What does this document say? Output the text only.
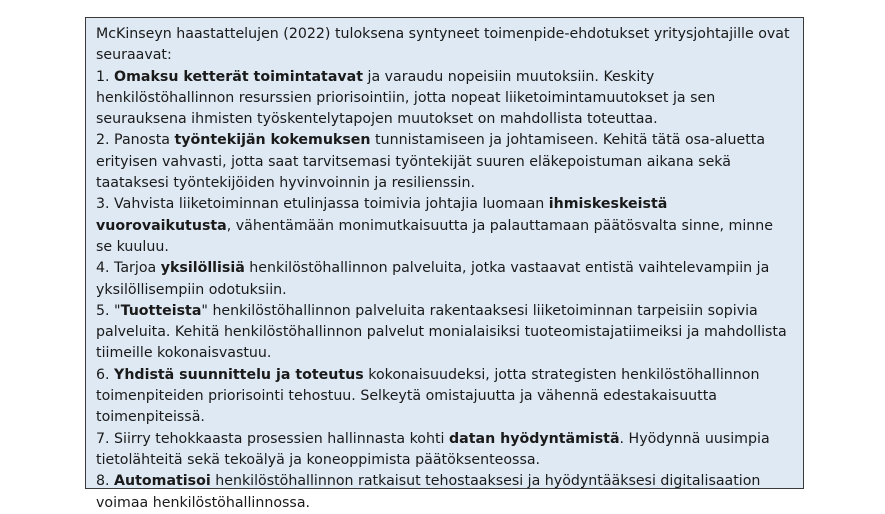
McKinseyn haastattelujen (2022) tuloksena syntyneet toimenpide-ehdotukset yritysjohtajille ovat seuraavat:

1. Omaksu ketterät toimintatavat ja varaudu nopeisiin muutoksiin. Keskity henkilöstöhallinnon resurssien priorisointiin, jotta nopeat liiketoimintamuutokset ja sen seurauksena ihmisten työskentelytapojen muutokset on mahdollista toteuttaa.

2. Panosta työntekijän kokemuksen tunnistamiseen ja johtamiseen. Kehitä tätä osa-aluetta erityisen vahvasti, jotta saat tarvitsemasi työntekijät suuren eläkepoistuman aikana sekä taataksesi työntekijöiden hyvinvoinnin ja resilienssin.

3. Vahvista liiketoiminnan etulinjassa toimivia johtajia luomaan ihmiskeskeistä vuorovaikutusta, vähentämään monimutkaisuutta ja palauttamaan päätösvalta sinne, minne se kuuluu.

4. Tarjoa yksilöllisiä henkilöstöhallinnon palveluita, jotka vastaavat entistä vaihtelevampiin ja yksilöllisempiin odotuksiin.

5. "Tuotteista" henkilöstöhallinnon palveluita rakentaaksesi liiketoiminnan tarpeisiin sopivia palveluita. Kehitä henkilöstöhallinnon palvelut monialaisiksi tuoteomistajatiimeiksi ja mahdollista tiimeille kokonaisvastuu.

6. Yhdistä suunnittelu ja toteutus kokonaisuudeksi, jotta strategisten henkilöstöhallinnon toimenpiteiden priorisointi tehostuu. Selkeytä omistajuutta ja vähennä edestakaisuutta toimenpiteissä.

7. Siirry tehokkaasta prosessien hallinnasta kohti datan hyödyntämistä. Hyödynnä uusimpia tietolähteitä sekä tekoälyä ja koneoppimista päätöksenteossa.

8. Automatisoi henkilöstöhallinnon ratkaisut tehostaaksesi ja hyödyntääksesi digitalisaation voimaa henkilöstöhallinnossa.
